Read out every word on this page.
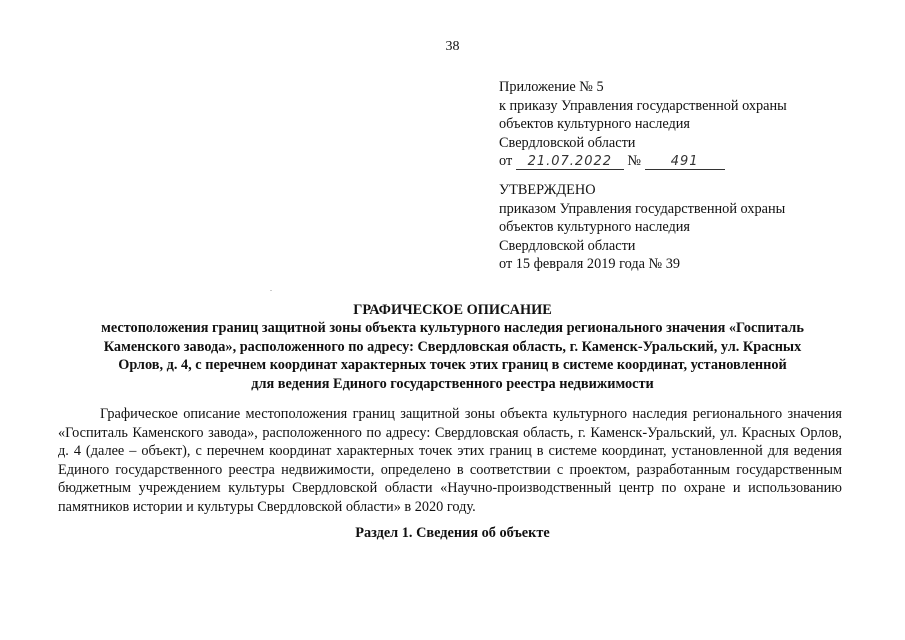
38
Приложение № 5
к приказу Управления государственной охраны
объектов культурного наследия
Свердловской области
от 21.07.2022 № 491
УТВЕРЖДЕНО
приказом Управления государственной охраны
объектов культурного наследия
Свердловской области
от 15 февраля 2019 года № 39
ГРАФИЧЕСКОЕ ОПИСАНИЕ
местоположения границ защитной зоны объекта культурного наследия регионального значения «Госпиталь
Каменского завода», расположенного по адресу: Свердловская область, г. Каменск-Уральский, ул. Красных
Орлов, д. 4, с перечнем координат характерных точек этих границ в системе координат, установленной
для ведения Единого государственного реестра недвижимости
Графическое описание местоположения границ защитной зоны объекта культурного наследия регионального значения «Госпиталь Каменского завода», расположенного по адресу: Свердловская область, г. Каменск-Уральский, ул. Красных Орлов, д. 4 (далее – объект), с перечнем координат характерных точек этих границ в системе координат, установленной для ведения Единого государственного реестра недвижимости, определено в соответствии с проектом, разработанным государственным бюджетным учреждением культуры Свердловской области «Научно-производственный центр по охране и использованию памятников истории и культуры Свердловской области» в 2020 году.
Раздел 1. Сведения об объекте
